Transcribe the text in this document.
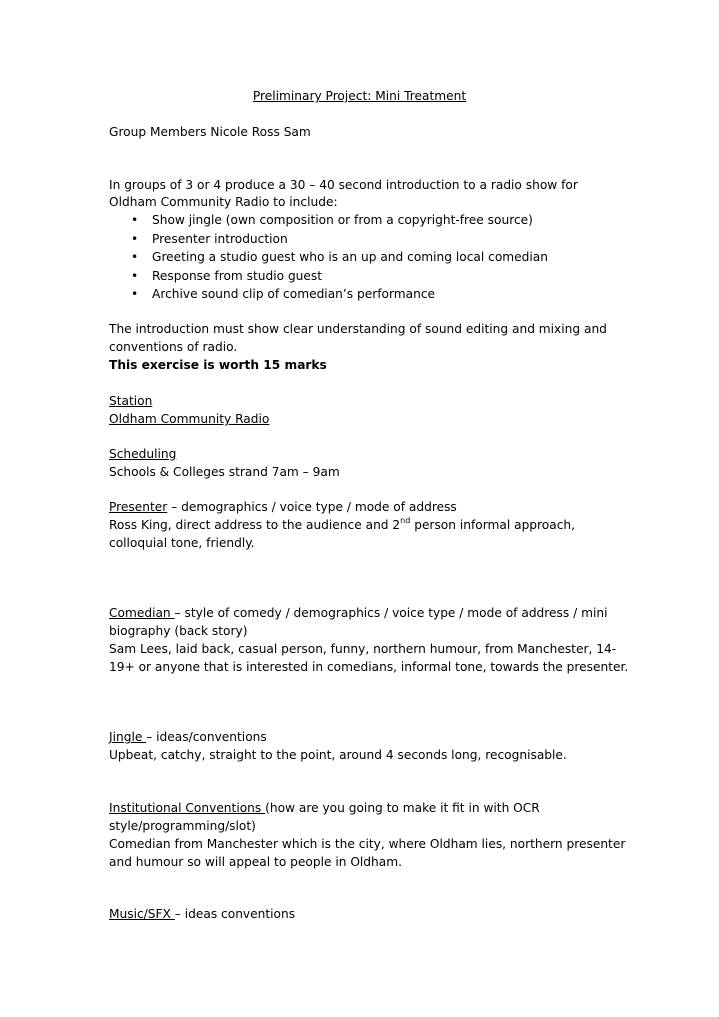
Preliminary Project: Mini Treatment

Group Members Nicole Ross Sam

In groups of 3 or 4 produce a 30 – 40 second introduction to a radio show for

Oldham Community Radio to include:

• Show jingle (own composition or from a copyright-free source)
• Presenter introduction
• Greeting a studio guest who is an up and coming local comedian
• Response from studio guest
• Archive sound clip of comedian’s performance

The introduction must show clear understanding of sound editing and mixing and

conventions of radio.

This exercise is worth 15 marks

Station

Oldham Community Radio

Scheduling

Schools & Colleges strand 7am – 9am

Presenter – demographics / voice type / mode of address

Ross King, direct address to the audience and 2nd person informal approach,

colloquial tone, friendly.

Comedian – style of comedy / demographics / voice type / mode of address / mini

biography (back story)

Sam Lees, laid back, casual person, funny, northern humour, from Manchester, 14-

19+ or anyone that is interested in comedians, informal tone, towards the presenter.

Jingle – ideas/conventions

Upbeat, catchy, straight to the point, around 4 seconds long, recognisable.

Institutional Conventions (how are you going to make it fit in with OCR

style/programming/slot)

Comedian from Manchester which is the city, where Oldham lies, northern presenter

and humour so will appeal to people in Oldham.

Music/SFX – ideas conventions
